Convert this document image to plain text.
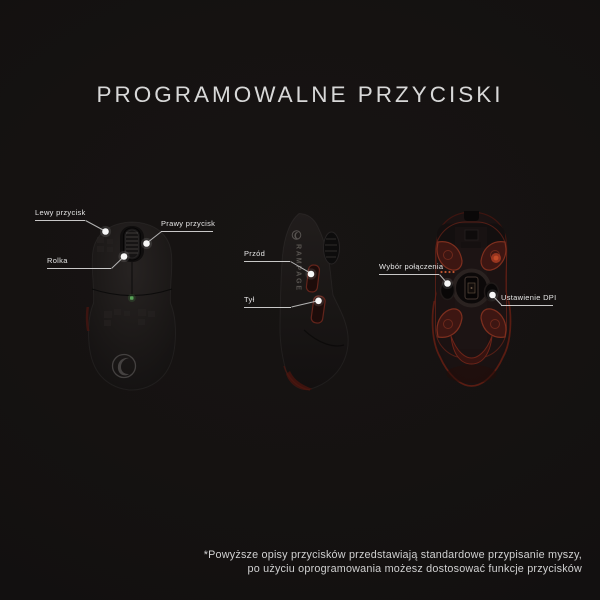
PROGRAMOWALNE PRZYCISKI
RAMPAGE
Lewy przycisk
Prawy przycisk
Rolka
Przód
Tył
Wybór połączenia
Ustawienie DPI
*Powyższe opisy przycisków przedstawiają standardowe przypisanie myszy,
po użyciu oprogramowania możesz dostosować funkcje przycisków
